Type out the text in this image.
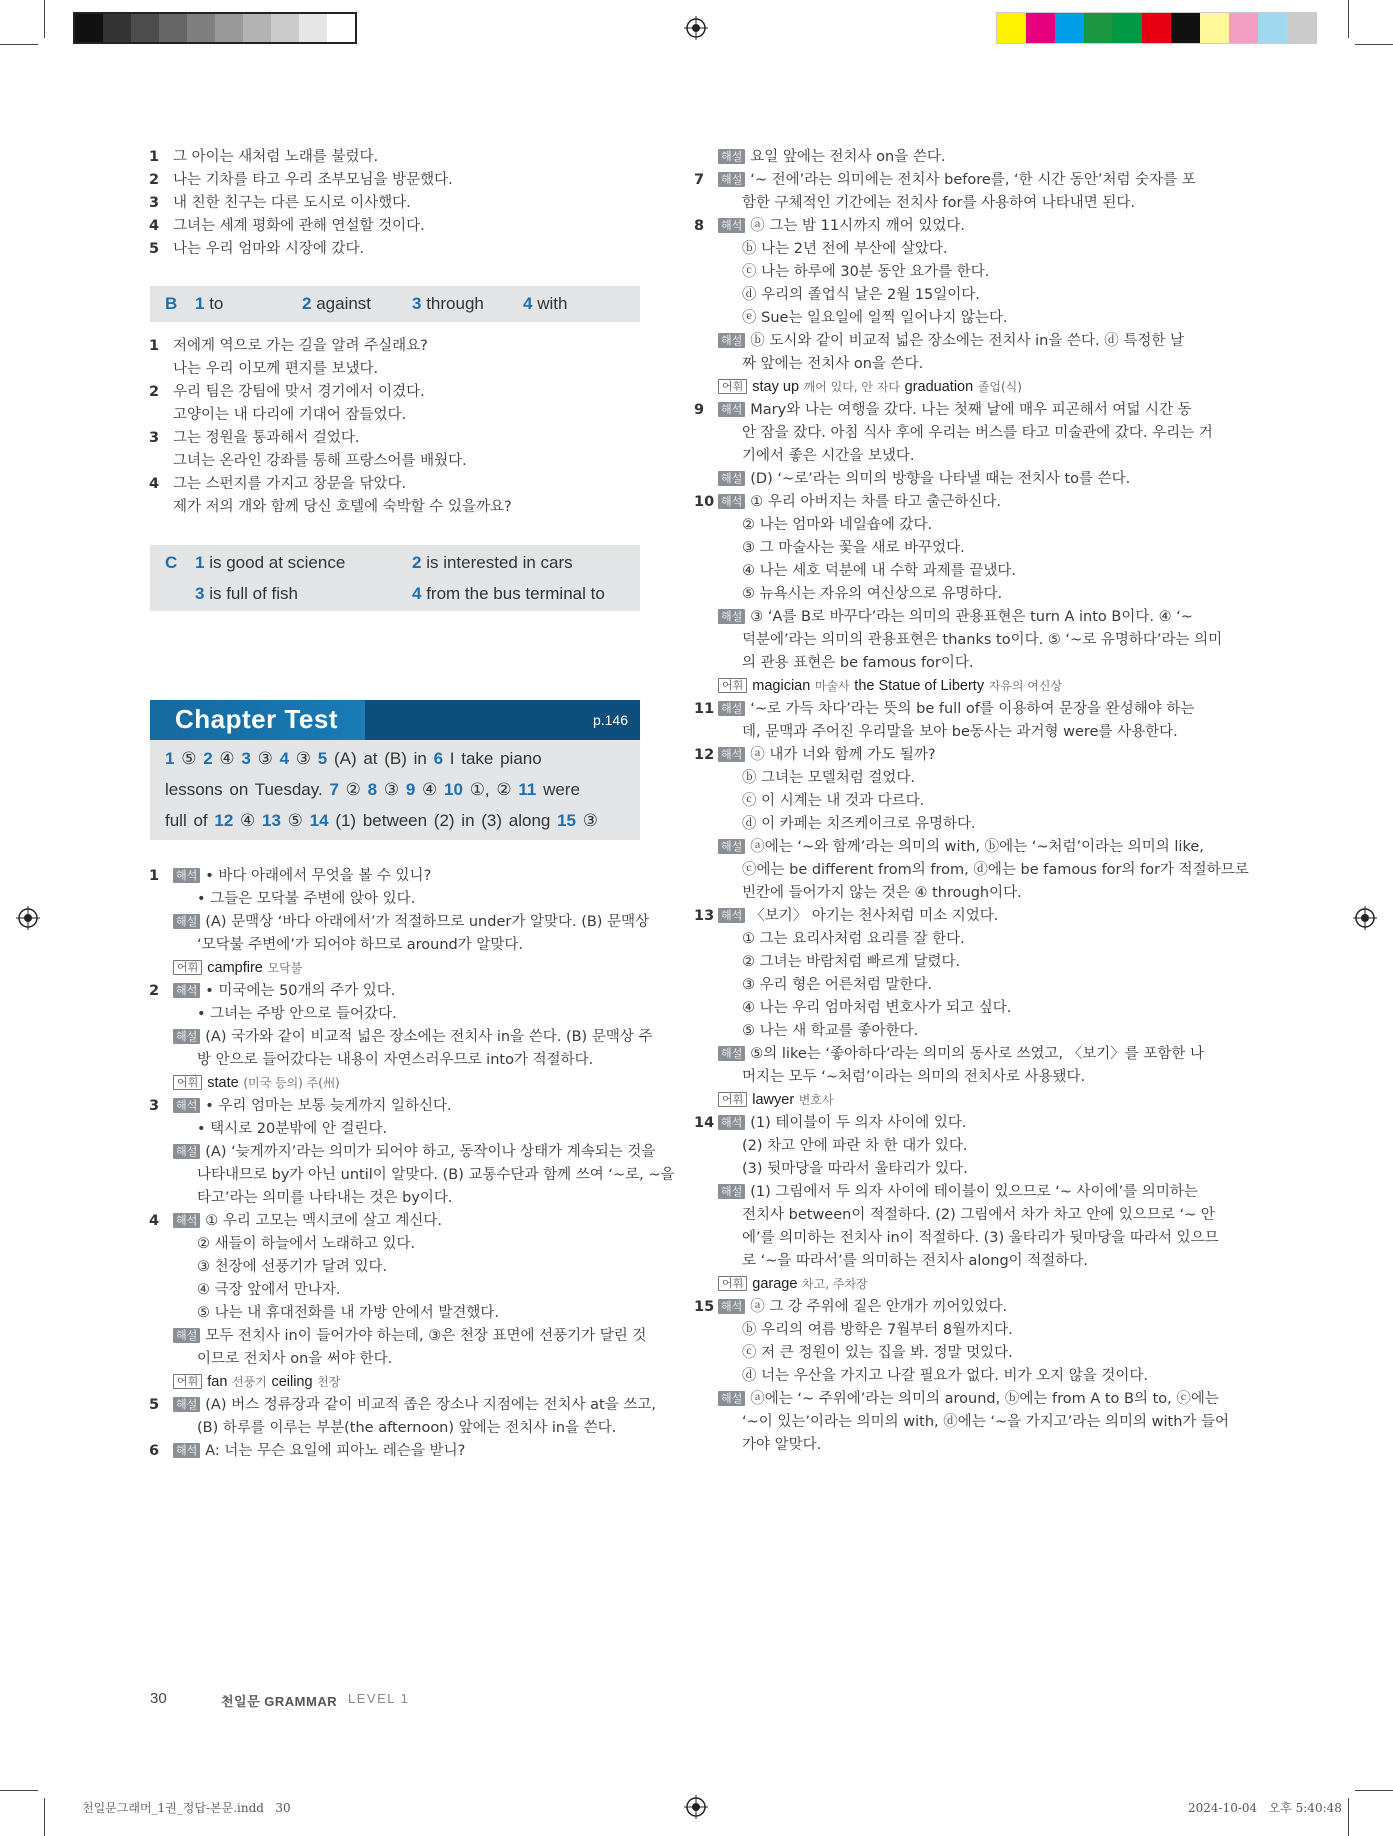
1 그 아이는 새처럼 노래를 불렀다.
2 나는 기차를 타고 우리 조부모님을 방문했다.
3 내 친한 친구는 다른 도시로 이사했다.
4 그녀는 세계 평화에 관해 연설할 것이다.
5 나는 우리 엄마와 시장에 갔다.
B 1 to	2 against 3 through 4 with
1 저에게 역으로 가는 길을 알려 주실래요?
나는 우리 이모께 편지를 보냈다.
2 우리 팀은 강팀에 맞서 경기에서 이겼다.
고양이는 내 다리에 기대어 잠들었다.
3 그는 정원을 통과해서 걸었다.
그녀는 온라인 강좌를 통해 프랑스어를 배웠다.
4 그는 스펀지를 가지고 창문을 닦았다.
제가 저의 개와 함께 당신 호텔에 숙박할 수 있을까요?
C 1 is good at science	2 is interested in cars
3 is full of fish	4 from the bus terminal to
Chapter Test	p.146
1 ⑤ 2 ④ 3 ③ 4 ③ 5 (A) at (B) in 6 I take piano
lessons on Tuesday. 7 ② 8 ③ 9 ④ 10 ①, ② 11 were
full of 12 ④ 13 ⑤ 14 (1) between (2) in (3) along 15 ③
1 해석 • 바다 아래에서 무엇을 볼 수 있니?
• 그들은 모닥불 주변에 앉아 있다.
해설 (A) 문맥상 ‘바다 아래에서’가 적절하므로 under가 알맞다. (B) 문맥상
‘모닥불 주변에’가 되어야 하므로 around가 알맞다.
어휘 campfire 모닥불
2 해석 • 미국에는 50개의 주가 있다.
• 그녀는 주방 안으로 들어갔다.
해설 (A) 국가와 같이 비교적 넓은 장소에는 전치사 in을 쓴다. (B) 문맥상 주
방 안으로 들어갔다는 내용이 자연스러우므로 into가 적절하다.
어휘 state (미국 등의) 주(州)
3 해석 • 우리 엄마는 보통 늦게까지 일하신다.
• 택시로 20분밖에 안 걸린다.
해설 (A) ‘늦게까지’라는 의미가 되어야 하고, 동작이나 상태가 계속되는 것을
나타내므로 by가 아닌 until이 알맞다. (B) 교통수단과 함께 쓰여 ‘~로, ~을
타고’라는 의미를 나타내는 것은 by이다.
4 해석 ① 우리 고모는 멕시코에 살고 계신다.
② 새들이 하늘에서 노래하고 있다.
③ 천장에 선풍기가 달려 있다.
④ 극장 앞에서 만나자.
⑤ 나는 내 휴대전화를 내 가방 안에서 발견했다.
해설 모두 전치사 in이 들어가야 하는데, ③은 천장 표면에 선풍기가 달린 것
이므로 전치사 on을 써야 한다.
어휘 fan 선풍기 ceiling 천장
5 해설 (A) 버스 정류장과 같이 비교적 좁은 장소나 지점에는 전치사 at을 쓰고,
(B) 하루를 이루는 부분(the afternoon) 앞에는 전치사 in을 쓴다.
6 해석 A: 너는 무슨 요일에 피아노 레슨을 받니?
해설 요일 앞에는 전치사 on을 쓴다.
7 해설 ‘~ 전에’라는 의미에는 전치사 before를, ‘한 시간 동안’처럼 숫자를 포
함한 구체적인 기간에는 전치사 for를 사용하여 나타내면 된다.
8 해석 ⓐ 그는 밤 11시까지 깨어 있었다.
ⓑ 나는 2년 전에 부산에 살았다.
ⓒ 나는 하루에 30분 동안 요가를 한다.
ⓓ 우리의 졸업식 날은 2월 15일이다.
ⓔ Sue는 일요일에 일찍 일어나지 않는다.
해설 ⓑ 도시와 같이 비교적 넓은 장소에는 전치사 in을 쓴다. ⓓ 특정한 날
짜 앞에는 전치사 on을 쓴다.
어휘 stay up 깨어 있다, 안 자다 graduation 졸업(식)
9 해석 Mary와 나는 여행을 갔다. 나는 첫째 날에 매우 피곤해서 여덟 시간 동
안 잠을 잤다. 아침 식사 후에 우리는 버스를 타고 미술관에 갔다. 우리는 거
기에서 좋은 시간을 보냈다.
해설 (D) ‘~로’라는 의미의 방향을 나타낼 때는 전치사 to를 쓴다.
10 해석 ① 우리 아버지는 차를 타고 출근하신다.
② 나는 엄마와 네일숍에 갔다.
③ 그 마술사는 꽃을 새로 바꾸었다.
④ 나는 세호 덕분에 내 수학 과제를 끝냈다.
⑤ 뉴욕시는 자유의 여신상으로 유명하다.
해설 ③ ‘A를 B로 바꾸다’라는 의미의 관용표현은 turn A into B이다. ④ ‘~
덕분에’라는 의미의 관용표현은 thanks to이다. ⑤ ‘~로 유명하다’라는 의미
의 관용 표현은 be famous for이다.
어휘 magician 마술사 the Statue of Liberty 자유의 여신상
11 해설 ‘~로 가득 차다’라는 뜻의 be full of를 이용하여 문장을 완성해야 하는
데, 문맥과 주어진 우리말을 보아 be동사는 과거형 were를 사용한다.
12 해석 ⓐ 내가 너와 함께 가도 될까?
ⓑ 그녀는 모델처럼 걸었다.
ⓒ 이 시계는 내 것과 다르다.
ⓓ 이 카페는 치즈케이크로 유명하다.
해설 ⓐ에는 ‘~와 함께’라는 의미의 with, ⓑ에는 ‘~처럼’이라는 의미의 like,
ⓒ에는 be different from의 from, ⓓ에는 be famous for의 for가 적절하므로
빈칸에 들어가지 않는 것은 ④ through이다.
13 해석 〈보기〉 아기는 천사처럼 미소 지었다.
① 그는 요리사처럼 요리를 잘 한다.
② 그녀는 바람처럼 빠르게 달렸다.
③ 우리 형은 어른처럼 말한다.
④ 나는 우리 엄마처럼 변호사가 되고 싶다.
⑤ 나는 새 학교를 좋아한다.
해설 ⑤의 like는 ‘좋아하다’라는 의미의 동사로 쓰였고, 〈보기〉를 포함한 나
머지는 모두 ‘~처럼’이라는 의미의 전치사로 사용됐다.
어휘 lawyer 변호사
14 해석 (1) 테이블이 두 의자 사이에 있다.
(2) 차고 안에 파란 차 한 대가 있다.
(3) 뒷마당을 따라서 울타리가 있다.
해설 (1) 그림에서 두 의자 사이에 테이블이 있으므로 ‘~ 사이에’를 의미하는
전치사 between이 적절하다. (2) 그림에서 차가 차고 안에 있으므로 ‘~ 안
에’를 의미하는 전치사 in이 적절하다. (3) 울타리가 뒷마당을 따라서 있으므
로 ‘~을 따라서’를 의미하는 전치사 along이 적절하다.
어휘 garage 차고, 주차장
15 해석 ⓐ 그 강 주위에 짙은 안개가 끼어있었다.
ⓑ 우리의 여름 방학은 7월부터 8월까지다.
ⓒ 저 큰 정원이 있는 집을 봐. 정말 멋있다.
ⓓ 너는 우산을 가지고 나갈 필요가 없다. 비가 오지 않을 것이다.
해설 ⓐ에는 ‘~ 주위에’라는 의미의 around, ⓑ에는 from A to B의 to, ⓒ에는
‘~이 있는’이라는 의미의 with, ⓓ에는 ‘~을 가지고’라는 의미의 with가 들어
가야 알맞다.
30	천일문 GRAMMAR LEVEL 1
천일문그래머_1권_정답-본문.indd   30	2024-10-04   오후 5:40:48
